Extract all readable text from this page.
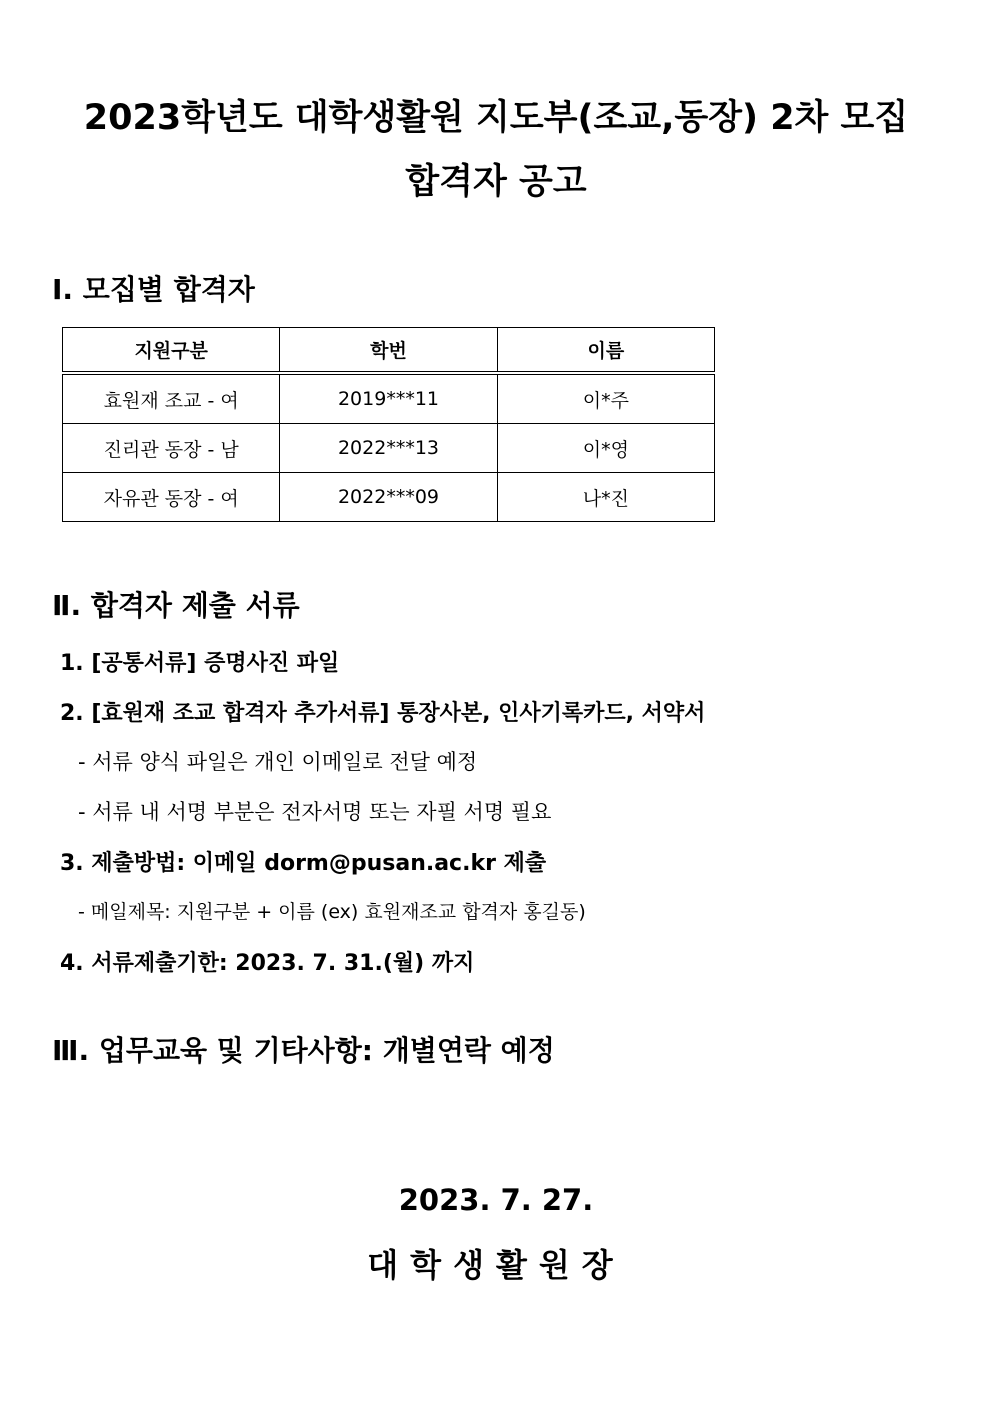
2023학년도 대학생활원 지도부(조교,동장) 2차 모집
합격자 공고
Ⅰ. 모집별 합격자
지원구분	학번	이름
효원재 조교 - 여	2019***11	이*주
진리관 동장 - 남	2022***13	이*영
자유관 동장 - 여	2022***09	나*진
Ⅱ. 합격자 제출 서류
1. [공통서류] 증명사진 파일
2. [효원재 조교 합격자 추가서류] 통장사본, 인사기록카드, 서약서
- 서류 양식 파일은 개인 이메일로 전달 예정
- 서류 내 서명 부분은 전자서명 또는 자필 서명 필요
3. 제출방법: 이메일 dorm@pusan.ac.kr 제출
- 메일제목: 지원구분 + 이름 (ex) 효원재조교 합격자 홍길동)
4. 서류제출기한: 2023. 7. 31.(월) 까지
Ⅲ. 업무교육 및 기타사항: 개별연락 예정
2023. 7. 27.
대학생활원장
